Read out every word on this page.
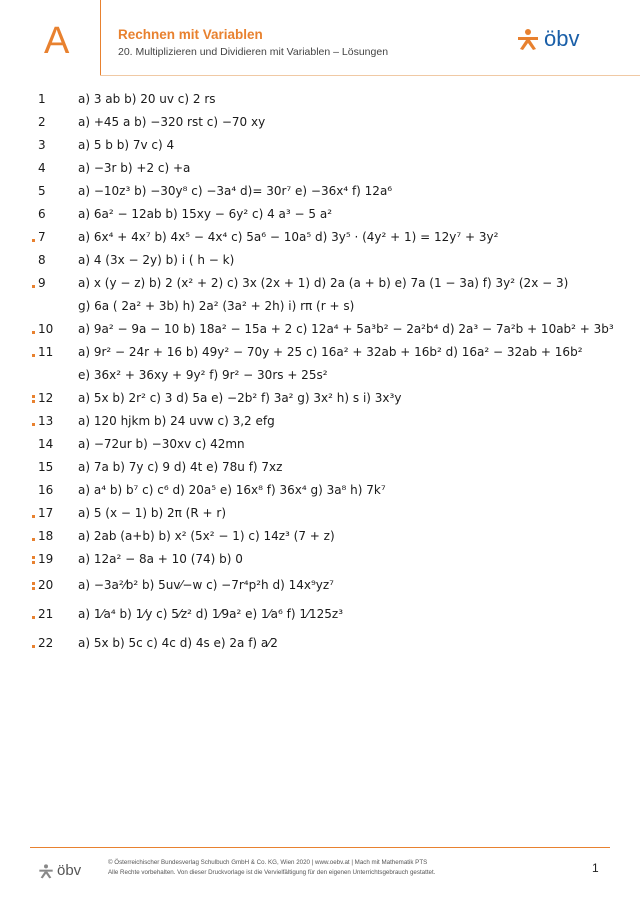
A	Rechnen mit Variablen
20. Multiplizieren und Dividieren mit Variablen – Lösungen
öbv
1	a) 3 ab b) 20 uv c) 2 rs
2	a) +45 a b) −320 rst c) −70 xy
3	a) 5 b b) 7v c) 4
4	a) −3r b) +2 c) +a
5	a) −10z³ b) −30y⁸ c) −3a⁴ d)= 30r⁷ e) −36x⁴ f) 12a⁶
6	a) 6a² − 12ab b) 15xy − 6y² c) 4 a³ − 5 a²
7	a) 6x⁴ + 4x⁷ b) 4x⁵ − 4x⁴ c) 5a⁶ − 10a⁵ d) 3y⁵ · (4y² + 1) = 12y⁷ + 3y²
8	a) 4 (3x − 2y) b) i ( h − k)
9	a) x (y − z) b) 2 (x² + 2) c) 3x (2x + 1) d) 2a (a + b) e) 7a (1 − 3a) f) 3y² (2x − 3)
g) 6a ( 2a² + 3b) h) 2a² (3a² + 2h) i) rπ (r + s)
10	a) 9a² − 9a − 10 b) 18a² − 15a + 2 c) 12a⁴ + 5a³b² − 2a²b⁴ d) 2a³ − 7a²b + 10ab² + 3b³
11	a) 9r² − 24r + 16 b) 49y² − 70y + 25 c) 16a² + 32ab + 16b² d) 16a² − 32ab + 16b²
e) 36x² + 36xy + 9y² f) 9r² − 30rs + 25s²
12	a) 5x b) 2r² c) 3 d) 5a e) −2b² f) 3a² g) 3x² h) s i) 3x³y
13	a) 120 hjkm b) 24 uvw c) 3,2 efg
14	a) −72ur b) −30xv c) 42mn
15	a) 7a b) 7y c) 9 d) 4t e) 78u f) 7xz
16	a) a⁴ b) b⁷ c) c⁶ d) 20a⁵ e) 16x⁸ f) 36x⁴ g) 3a⁸ h) 7k⁷
17	a) 5 (x − 1) b) 2π (R + r)
18	a) 2ab (a+b) b) x² (5x² − 1) c) 14z³ (7 + z)
19	a) 12a² − 8a + 10 (74) b) 0
20	a) −3a²⁄b² b) 5uv⁄−w c) −7r⁴p²h d) 14x⁹yz⁷
21	a) 1⁄a⁴ b) 1⁄y c) 5⁄z² d) 1⁄9a² e) 1⁄a⁶ f) 1⁄125z³
22	a) 5x b) 5c c) 4c d) 4s e) 2a f) a⁄2
öbv	© Österreichischer Bundesverlag Schulbuch GmbH & Co. KG, Wien 2020 | www.oebv.at | Mach mit Mathematik PTS
Alle Rechte vorbehalten. Von dieser Druckvorlage ist die Vervielfältigung für den eigenen Unterrichtsgebrauch gestattet.	1
